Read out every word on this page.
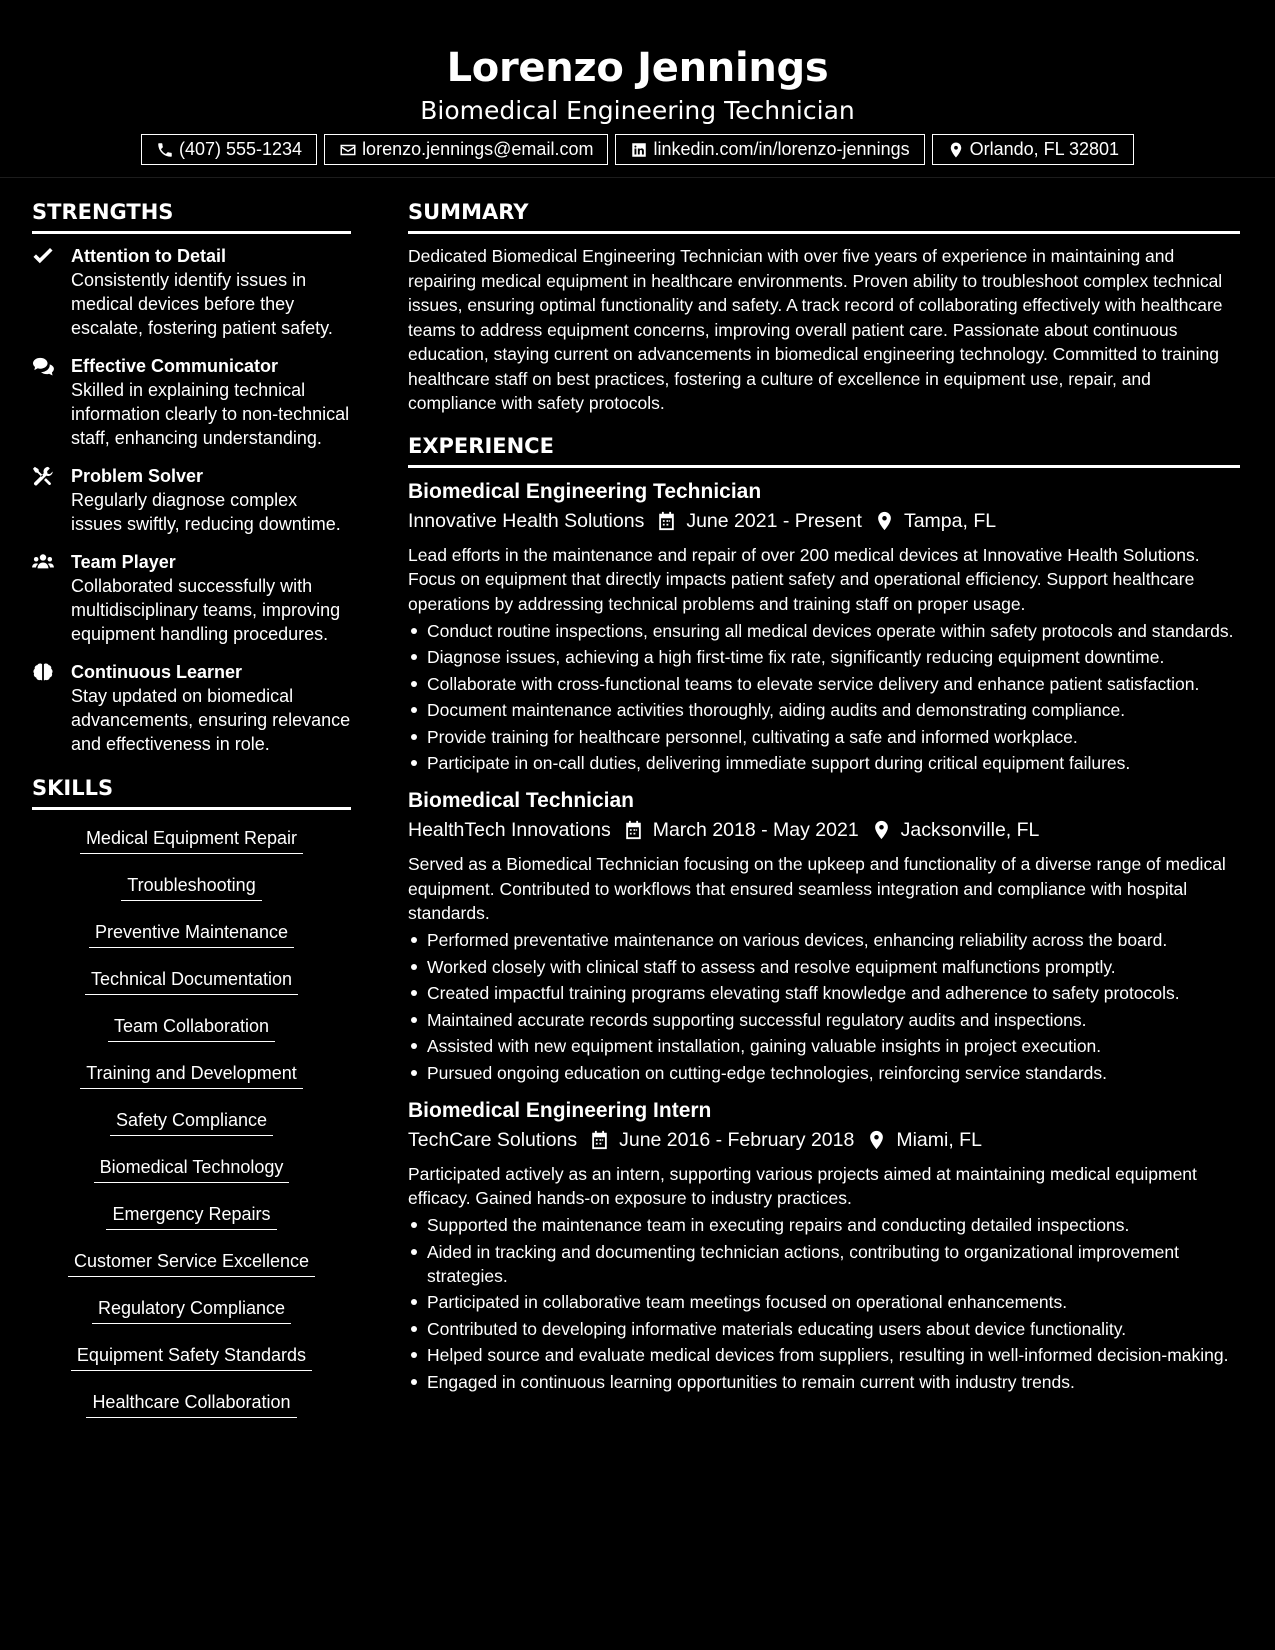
Lorenzo Jennings
Biomedical Engineering Technician
(407) 555-1234	lorenzo.jennings@email.com	linkedin.com/in/lorenzo-jennings	Orlando, FL 32801
STRENGTHS
Attention to Detail
Consistently identify issues in medical devices before they escalate, fostering patient safety.
Effective Communicator
Skilled in explaining technical information clearly to non-technical staff, enhancing understanding.
Problem Solver
Regularly diagnose complex issues swiftly, reducing downtime.
Team Player
Collaborated successfully with multidisciplinary teams, improving equipment handling procedures.
Continuous Learner
Stay updated on biomedical advancements, ensuring relevance and effectiveness in role.
SKILLS
Medical Equipment Repair
Troubleshooting
Preventive Maintenance
Technical Documentation
Team Collaboration
Training and Development
Safety Compliance
Biomedical Technology
Emergency Repairs
Customer Service Excellence
Regulatory Compliance
Equipment Safety Standards
Healthcare Collaboration
SUMMARY

Dedicated Biomedical Engineering Technician with over five years of experience in maintaining and repairing medical equipment in healthcare environments. Proven ability to troubleshoot complex technical issues, ensuring optimal functionality and safety. A track record of collaborating effectively with healthcare teams to address equipment concerns, improving overall patient care. Passionate about continuous education, staying current on advancements in biomedical engineering technology. Committed to training healthcare staff on best practices, fostering a culture of excellence in equipment use, repair, and compliance with safety protocols.

EXPERIENCE
Biomedical Engineering Technician
Innovative Health Solutions June 2021 - Present Tampa, FL

Lead efforts in the maintenance and repair of over 200 medical devices at Innovative Health Solutions. Focus on equipment that directly impacts patient safety and operational efficiency. Support healthcare operations by addressing technical problems and training staff on proper usage.

Conduct routine inspections, ensuring all medical devices operate within safety protocols and standards.
Diagnose issues, achieving a high first-time fix rate, significantly reducing equipment downtime.
Collaborate with cross-functional teams to elevate service delivery and enhance patient satisfaction.
Document maintenance activities thoroughly, aiding audits and demonstrating compliance.
Provide training for healthcare personnel, cultivating a safe and informed workplace.
Participate in on-call duties, delivering immediate support during critical equipment failures.
Biomedical Technician
HealthTech Innovations March 2018 - May 2021 Jacksonville, FL

Served as a Biomedical Technician focusing on the upkeep and functionality of a diverse range of medical equipment. Contributed to workflows that ensured seamless integration and compliance with hospital standards.

Performed preventative maintenance on various devices, enhancing reliability across the board.
Worked closely with clinical staff to assess and resolve equipment malfunctions promptly.
Created impactful training programs elevating staff knowledge and adherence to safety protocols.
Maintained accurate records supporting successful regulatory audits and inspections.
Assisted with new equipment installation, gaining valuable insights in project execution.
Pursued ongoing education on cutting-edge technologies, reinforcing service standards.
Biomedical Engineering Intern
TechCare Solutions June 2016 - February 2018 Miami, FL

Participated actively as an intern, supporting various projects aimed at maintaining medical equipment efficacy. Gained hands-on exposure to industry practices.

Supported the maintenance team in executing repairs and conducting detailed inspections.
Aided in tracking and documenting technician actions, contributing to organizational improvement strategies.
Participated in collaborative team meetings focused on operational enhancements.
Contributed to developing informative materials educating users about device functionality.
Helped source and evaluate medical devices from suppliers, resulting in well-informed decision-making.
Engaged in continuous learning opportunities to remain current with industry trends.
